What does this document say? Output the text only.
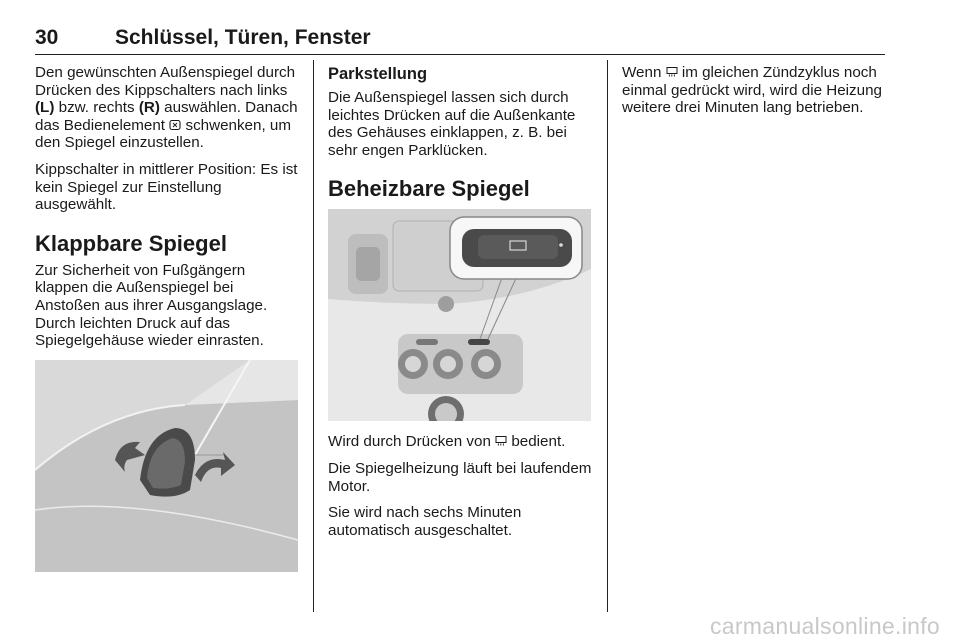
30	Schlüssel, Türen, Fenster

Den gewünschten Außenspiegel durch Drücken des Kippschalters nach links (L) bzw. rechts (R) auswählen. Danach das Bedienelement  schwenken, um den Spiegel einzustellen.

Kippschalter in mittlerer Position: Es ist kein Spiegel zur Einstellung ausgewählt.

Klappbare Spiegel

Zur Sicherheit von Fußgängern klappen die Außenspiegel bei Anstoßen aus ihrer Ausgangslage. Durch leichten Druck auf das Spiegelgehäuse wieder einrasten.

Parkstellung

Die Außenspiegel lassen sich durch leichtes Drücken auf die Außenkante des Gehäuses einklappen, z. B. bei sehr engen Parklücken.

Beheizbare Spiegel

Wird durch Drücken von  bedient.

Die Spiegelheizung läuft bei laufendem Motor.

Sie wird nach sechs Minuten automatisch ausgeschaltet.

Wenn  im gleichen Zündzyklus noch einmal gedrückt wird, wird die Heizung weitere drei Minuten lang betrieben.

carmanualsonline.info
